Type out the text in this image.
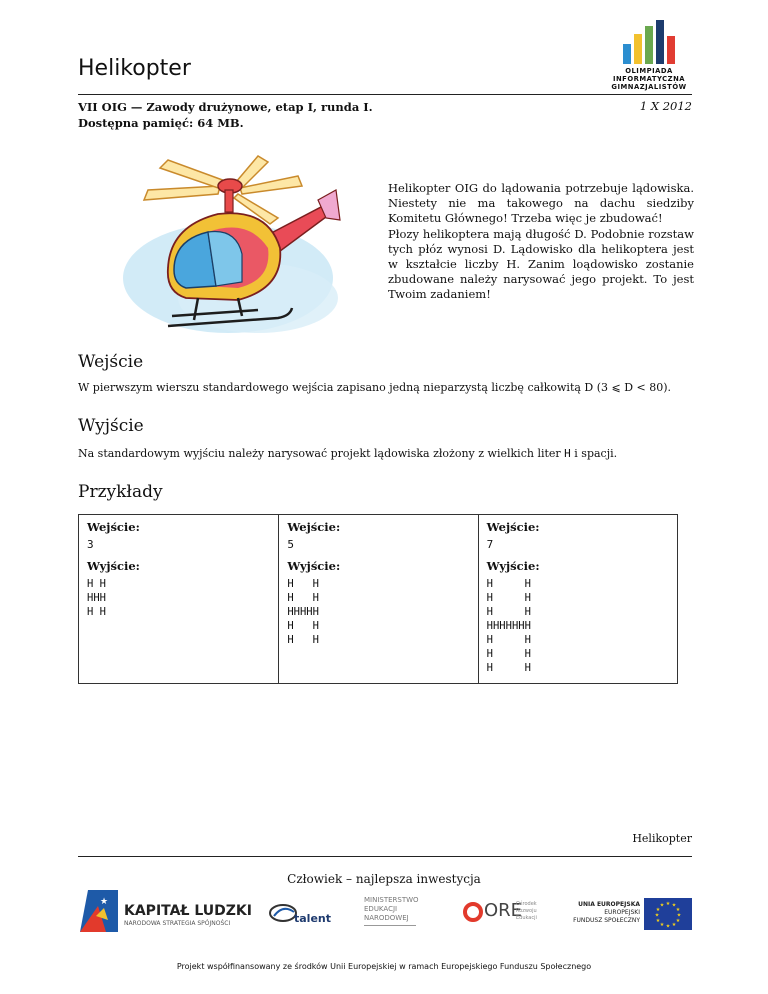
Helikopter	OLIMPIADA
INFORMATYCZNA
GIMNAZJALISTÓW
VII OIG — Zawody drużynowe, etap I, runda I.
Dostępna pamięć: 64 MB.
1 X 2012

Helikopter OIG do lądowania potrzebuje lądowiska. Niestety nie ma takowego na dachu siedziby Komitetu Głównego! Trzeba więc je zbudować!

Płozy helikoptera mają długość D. Podobnie rozstaw tych płóz wynosi D. Lądowisko dla helikoptera jest w kształcie liczby H. Zanim loądowisko zostanie zbudowane należy narysować jego projekt. To jest Twoim zadaniem!

Wejście
W pierwszym wierszu standardowego wejścia zapisano jedną nieparzystą liczbę całkowitą D (3 ⩽ D < 80).
Wyjście
Na standardowym wyjściu należy narysować projekt lądowiska złożony z wielkich liter H i spacji.
Przykłady
Wejście:
3
Wyjście:
H H
HHH
H H
Wejście:
5
Wyjście:
H   H
H   H
HHHHH
H   H
H   H
Wejście:
7
Wyjście:
H     H
H     H
H     H
HHHHHHH
H     H
H     H
H     H
Helikopter
Człowiek – najlepsza inwestycja
★
KAPITAŁ LUDZKI
NARODOWA STRATEGIA SPÓJNOŚCI	talent
MINISTERSTWO
EDUKACJI
NARODOWEJ	ORE
Ośrodek
Rozwoju
Edukacji
UNIA EUROPEJSKA
EUROPEJSKI
FUNDUSZ SPOŁECZNY
★ ★
★
★
★
★
★
★
★
★
★
★
Projekt współfinansowany ze środków Unii Europejskiej w ramach Europejskiego Funduszu Społecznego
